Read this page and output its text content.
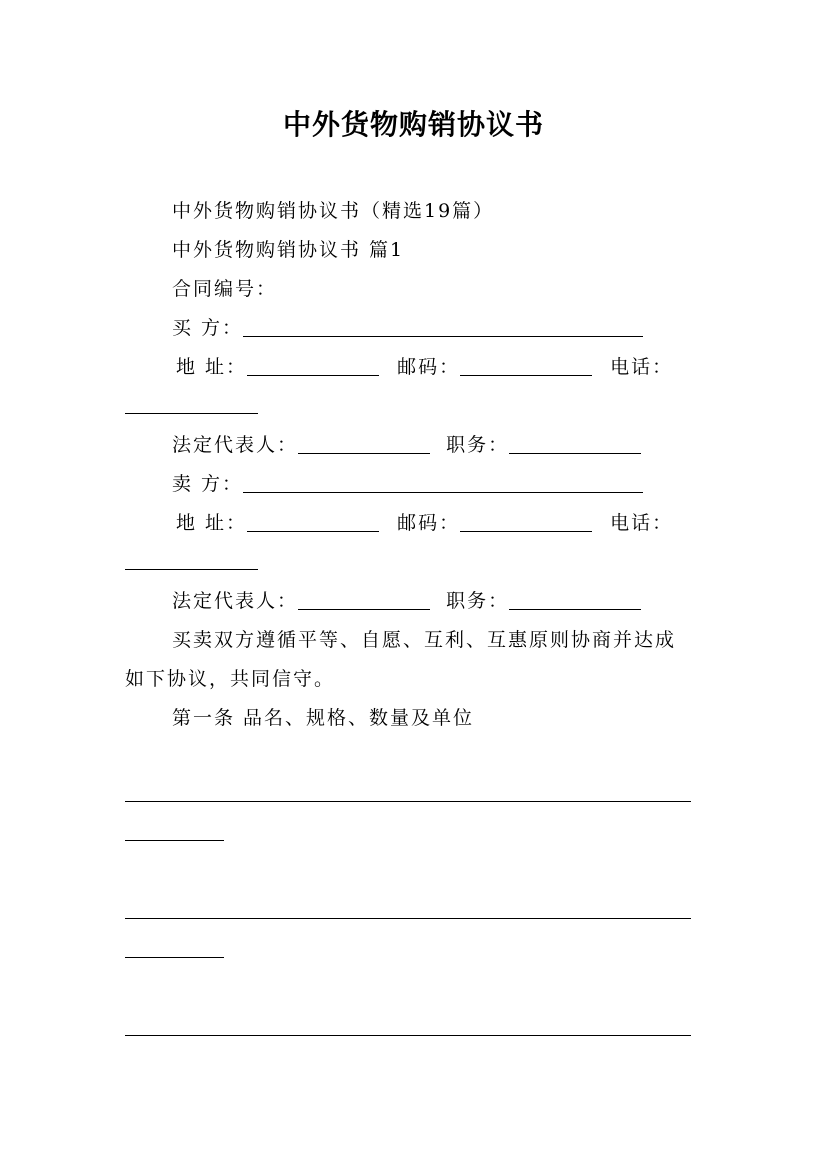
中外货物购销协议书
中外货物购销协议书（精选19篇）
中外货物购销协议书 篇1
合同编号：
买 方：
地 址：	邮码：	电话：
法定代表人：	职务：
卖 方：
地 址：	邮码：	电话：
法定代表人：	职务：
买卖双方遵循平等、自愿、互利、互惠原则协商并达成
如下协议，共同信守。
第一条 品名、规格、数量及单位
